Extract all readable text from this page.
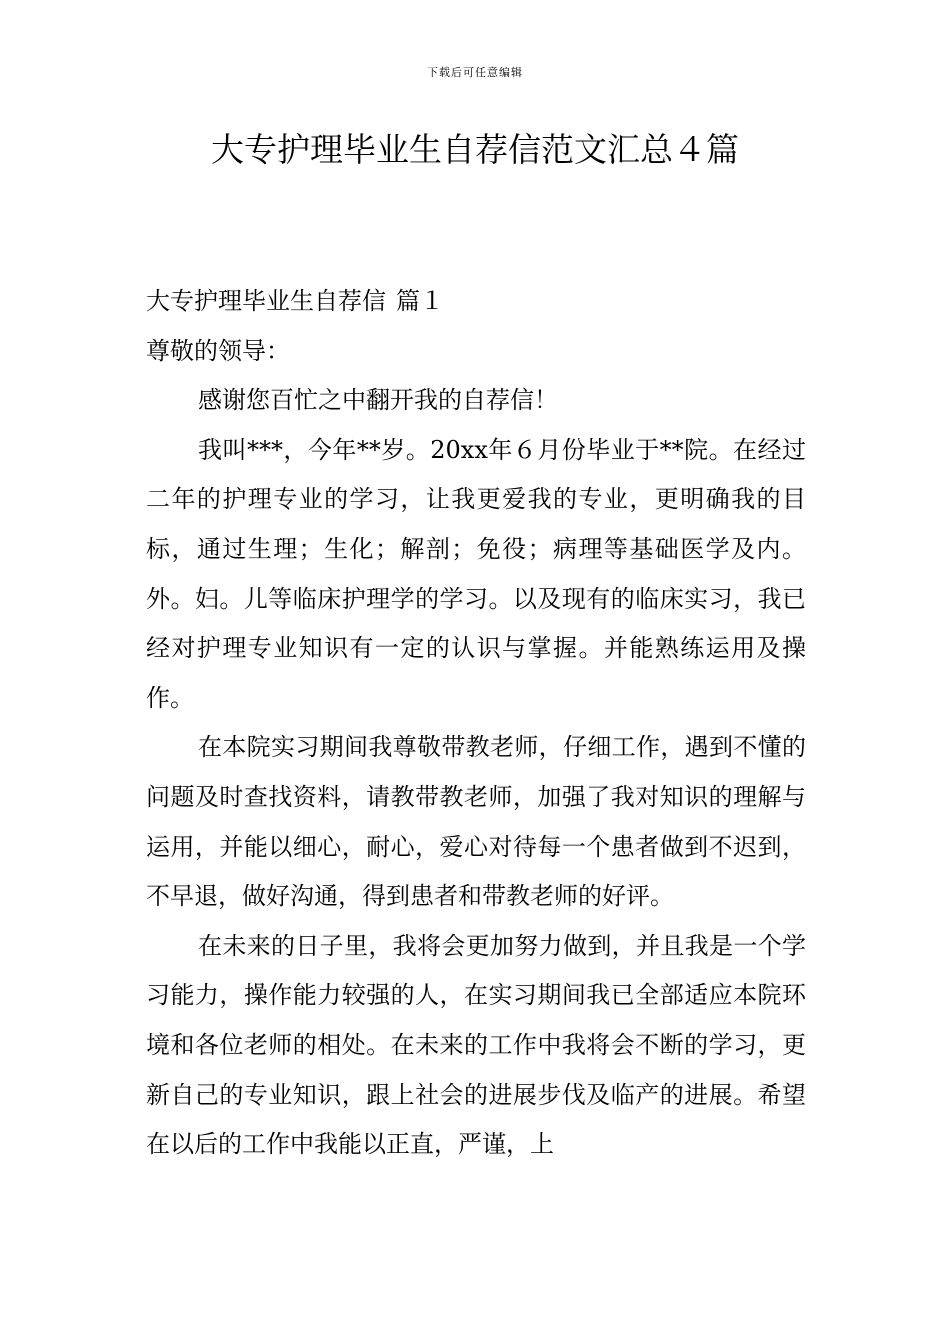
下载后可任意编辑
大专护理毕业生自荐信范文汇总４篇
大专护理毕业生自荐信 篇１
尊敬的领导：

感谢您百忙之中翻开我的自荐信！

我叫***，今年**岁。20xx年６月份毕业于**院。在经过二年的护理专业的学习，让我更爱我的专业，更明确我的目标，通过生理；生化；解剖；免役；病理等基础医学及内。外。妇。儿等临床护理学的学习。以及现有的临床实习，我已经对护理专业知识有一定的认识与掌握。并能熟练运用及操作。

在本院实习期间我尊敬带教老师，仔细工作，遇到不懂的问题及时查找资料，请教带教老师，加强了我对知识的理解与运用，并能以细心，耐心，爱心对待每一个患者做到不迟到，不早退，做好沟通，得到患者和带教老师的好评。

在未来的日子里，我将会更加努力做到，并且我是一个学习能力，操作能力较强的人，在实习期间我已全部适应本院环境和各位老师的相处。在未来的工作中我将会不断的学习，更新自己的专业知识，跟上社会的进展步伐及临产的进展。希望在以后的工作中我能以正直，严谨，上
